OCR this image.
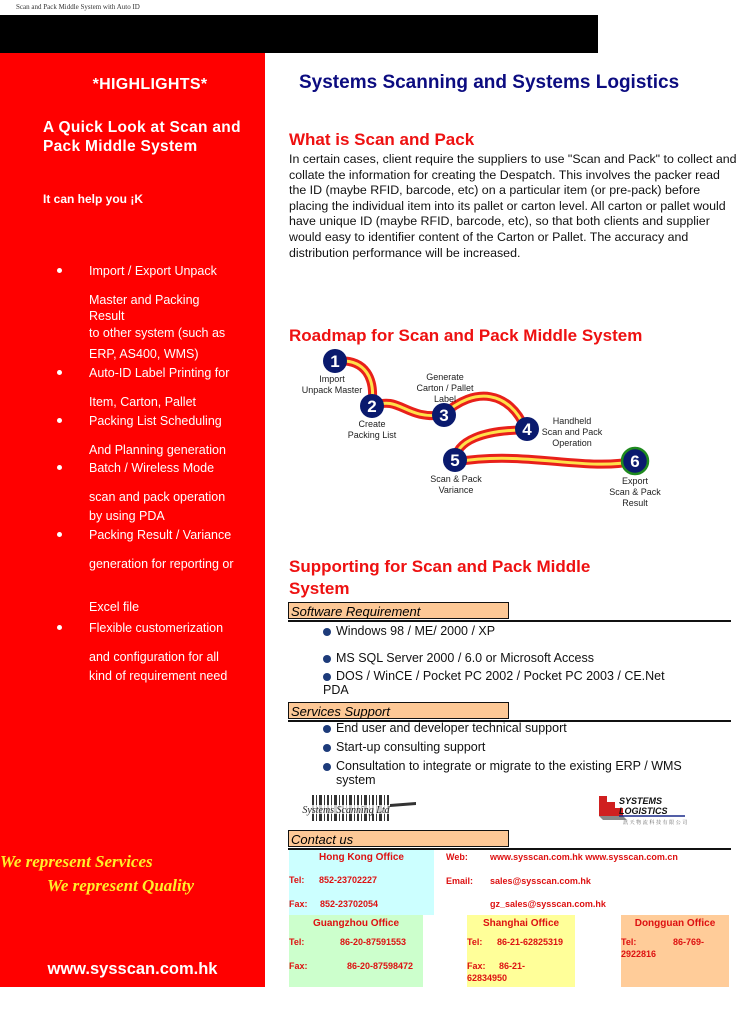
Scan and Pack Middle System with Auto ID
*HIGHLIGHTS*
A Quick Look at Scan and Pack Middle System
It can help you ¡K
Import / Export Unpack
Master and Packing
Result
to other system (such as
ERP, AS400, WMS)
Auto-ID Label Printing for
Item, Carton, Pallet
Packing List Scheduling
And Planning generation
Batch / Wireless Mode
scan and pack operation
by using PDA
Packing Result / Variance
generation for reporting or
Excel file
Flexible customerization
and configuration for all
kind of requirement need
We represent Services
We represent Quality
www.sysscan.com.hk
Systems Scanning and Systems Logistics
What is Scan and Pack
In certain cases, client require the suppliers to use "Scan and Pack" to collect and collate the information for creating the Despatch. This involves the packer read the ID (maybe RFID, barcode, etc) on a particular item (or pre-pack) before placing the individual item into its pallet or carton level. All carton or pallet would have unique ID (maybe RFID, barcode, etc), so that both clients and supplier would easy to identifier content of the Carton or Pallet. The accuracy and distribution performance will be increased.
Roadmap for Scan and Pack Middle System
1
2	3
4
5	6
Import
Unpack Master
Create
Packing List
Generate
Carton / Pallet
Label
Handheld
Scan and Pack
Operation
Scan & Pack
Variance
Export
Scan & Pack
Result
Supporting for Scan and Pack Middle
System
Software Requirement
Windows 98 / ME/ 2000 / XP
MS SQL Server 2000 / 6.0 or Microsoft Access
DOS / WinCE / Pocket PC 2002 / Pocket PC 2003 / CE.Net
PDA
Services Support
End user and developer technical support
Start-up consulting support
Consultation to integrate or migrate to the existing ERP / WMS
system
Systems Scanning Ltd
SYSTEMS
LOGISTICS
訊 天 物 流 科 技 有 限 公 司
Contact us
Hong Kong Office
Tel: 852-23702227
Fax: 852-23702054
Web: www.sysscan.com.hk www.sysscan.com.cn
Email: sales@sysscan.com.hk
gz_sales@sysscan.com.hk
Guangzhou Office
Tel:	86-20-87591553
Fax:	86-20-87598472
Shanghai Office
Tel: 86-21-62825319
Fax: 86-21-
62834950
Dongguan Office
Tel:	86-769-
2922816
